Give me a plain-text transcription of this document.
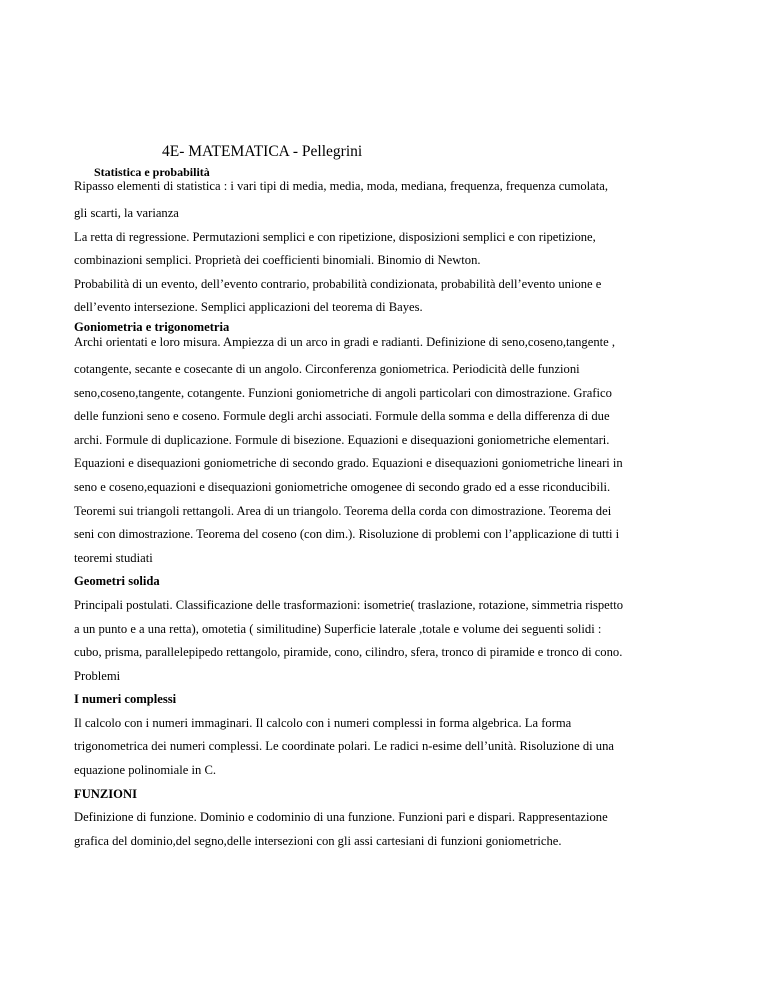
4E- MATEMATICA - Pellegrini
Statistica e probabilità
Ripasso elementi di statistica : i vari tipi di media, media, moda, mediana, frequenza, frequenza cumolata,
gli scarti, la varianza
La retta di regressione. Permutazioni semplici e con ripetizione, disposizioni semplici e con ripetizione,
combinazioni semplici. Proprietà dei coefficienti binomiali. Binomio di Newton.
Probabilità di un evento, dell’evento contrario, probabilità condizionata, probabilità dell’evento unione e
dell’evento intersezione. Semplici applicazioni del teorema di Bayes.
Goniometria e trigonometria
Archi orientati e loro misura. Ampiezza di un arco in gradi e radianti. Definizione di seno,coseno,tangente ,
cotangente, secante e cosecante di un angolo. Circonferenza goniometrica. Periodicità delle funzioni
seno,coseno,tangente, cotangente. Funzioni goniometriche di angoli particolari con dimostrazione. Grafico
delle funzioni seno e coseno. Formule degli archi associati. Formule della somma e della differenza di due
archi. Formule di duplicazione. Formule di bisezione. Equazioni e disequazioni goniometriche elementari.
Equazioni e disequazioni goniometriche di secondo grado. Equazioni e disequazioni goniometriche lineari in
seno e coseno,equazioni e disequazioni goniometriche omogenee di secondo grado ed a esse riconducibili.
Teoremi sui triangoli rettangoli. Area di un triangolo. Teorema della corda con dimostrazione. Teorema dei
seni con dimostrazione. Teorema del coseno (con dim.). Risoluzione di problemi con l’applicazione di tutti i
teoremi studiati
Geometri solida
Principali postulati. Classificazione delle trasformazioni: isometrie( traslazione, rotazione, simmetria rispetto
a un punto e a una retta), omotetia ( similitudine) Superficie laterale ,totale e volume dei seguenti solidi :
cubo, prisma, parallelepipedo rettangolo, piramide, cono, cilindro, sfera, tronco di piramide e tronco di cono.
Problemi
I numeri complessi
Il calcolo con i numeri immaginari. Il calcolo con i numeri complessi in forma algebrica. La forma
trigonometrica dei numeri complessi. Le coordinate polari. Le radici n-esime dell’unità. Risoluzione di una
equazione polinomiale in C.
FUNZIONI
Definizione di funzione. Dominio e codominio di una funzione. Funzioni pari e dispari. Rappresentazione
grafica del dominio,del segno,delle intersezioni con gli assi cartesiani di funzioni goniometriche.
